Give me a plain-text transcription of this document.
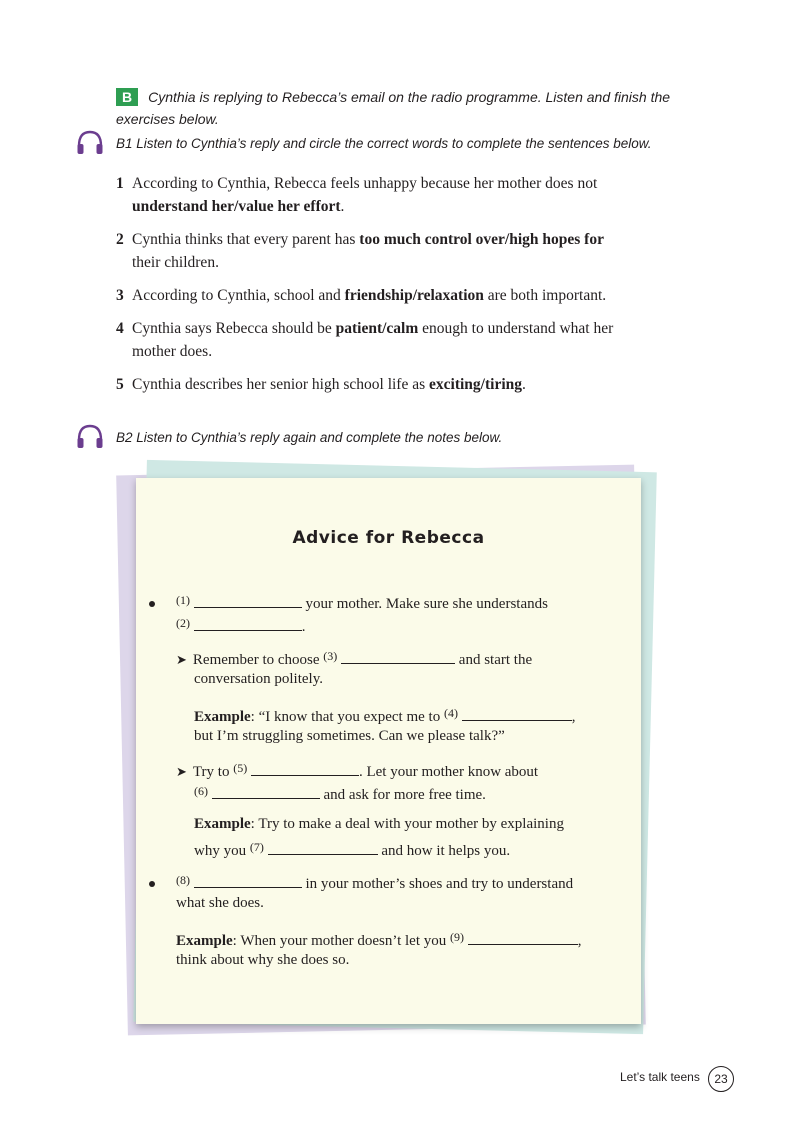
B Cynthia is replying to Rebecca’s email on the radio programme. Listen and finish the
exercises below.
B1 Listen to Cynthia’s reply and circle the correct words to complete the sentences below.
1 According to Cynthia, Rebecca feels unhappy because her mother does not
understand her/value her effort.
2 Cynthia thinks that every parent has too much control over/high hopes for
their children.
3 According to Cynthia, school and friendship/relaxation are both important.
4 Cynthia says Rebecca should be patient/calm enough to understand what her
mother does.
5 Cynthia describes her senior high school life as exciting/tiring.
B2 Listen to Cynthia’s reply again and complete the notes below.
Advice for Rebecca
$^{(1)}$	your mother. Make sure she understands
$^{(2)}$	.
➤ Remember to choose $^{(3)}$	and start the
conversation politely.
Example: “I know that you expect me to $^{(4)}$	,
but I’m struggling sometimes. Can we please talk?”
➤ Try to $^{(5)}$	. Let your mother know about
$^{(6)}$	and ask for more free time.
Example: Try to make a deal with your mother by explaining
why you $^{(7)}$	and how it helps you.
$^{(8)}$	in your mother’s shoes and try to understand
what she does.
Example: When your mother doesn’t let you $^{(9)}$	,
think about why she does so.
Let’s talk teens	23
